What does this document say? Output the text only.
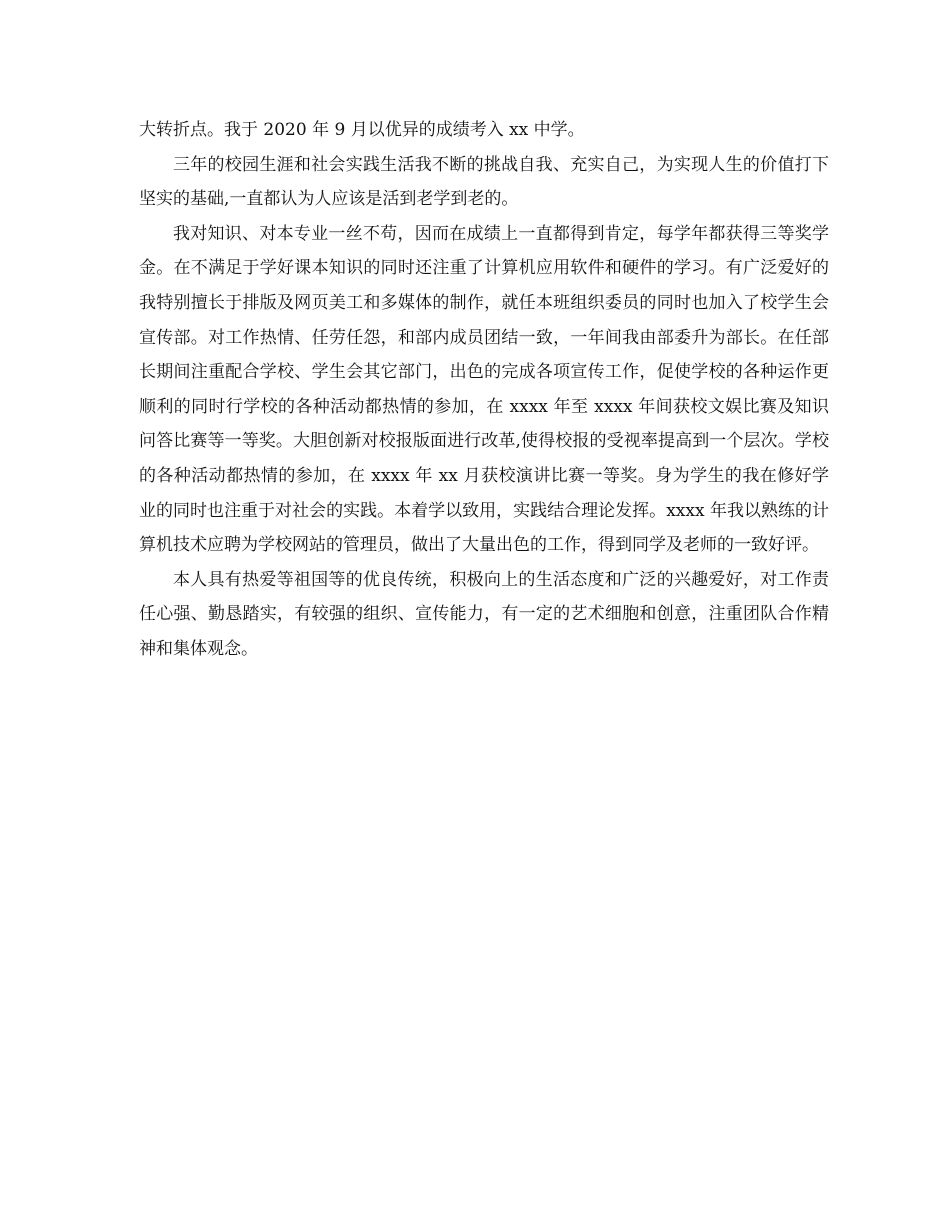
大转折点。我于 2020 年 9 月以优异的成绩考入 xx 中学。

三年的校园生涯和社会实践生活我不断的挑战自我、充实自己，为实现人生的价值打下坚实的基础,一直都认为人应该是活到老学到老的。

我对知识、对本专业一丝不苟，因而在成绩上一直都得到肯定，每学年都获得三等奖学金。在不满足于学好课本知识的同时还注重了计算机应用软件和硬件的学习。有广泛爱好的我特别擅长于排版及网页美工和多媒体的制作，就任本班组织委员的同时也加入了校学生会宣传部。对工作热情、任劳任怨，和部内成员团结一致，一年间我由部委升为部长。在任部长期间注重配合学校、学生会其它部门，出色的完成各项宣传工作，促使学校的各种运作更顺利的同时行学校的各种活动都热情的参加，在 xxxx 年至 xxxx 年间获校文娱比赛及知识问答比赛等一等奖。大胆创新对校报版面进行改革,使得校报的受视率提高到一个层次。学校的各种活动都热情的参加，在 xxxx 年 xx 月获校演讲比赛一等奖。身为学生的我在修好学业的同时也注重于对社会的实践。本着学以致用，实践结合理论发挥。xxxx 年我以熟练的计算机技术应聘为学校网站的管理员，做出了大量出色的工作，得到同学及老师的一致好评。

本人具有热爱等祖国等的优良传统，积极向上的生活态度和广泛的兴趣爱好，对工作责任心强、勤恳踏实，有较强的组织、宣传能力，有一定的艺术细胞和创意，注重团队合作精神和集体观念。
